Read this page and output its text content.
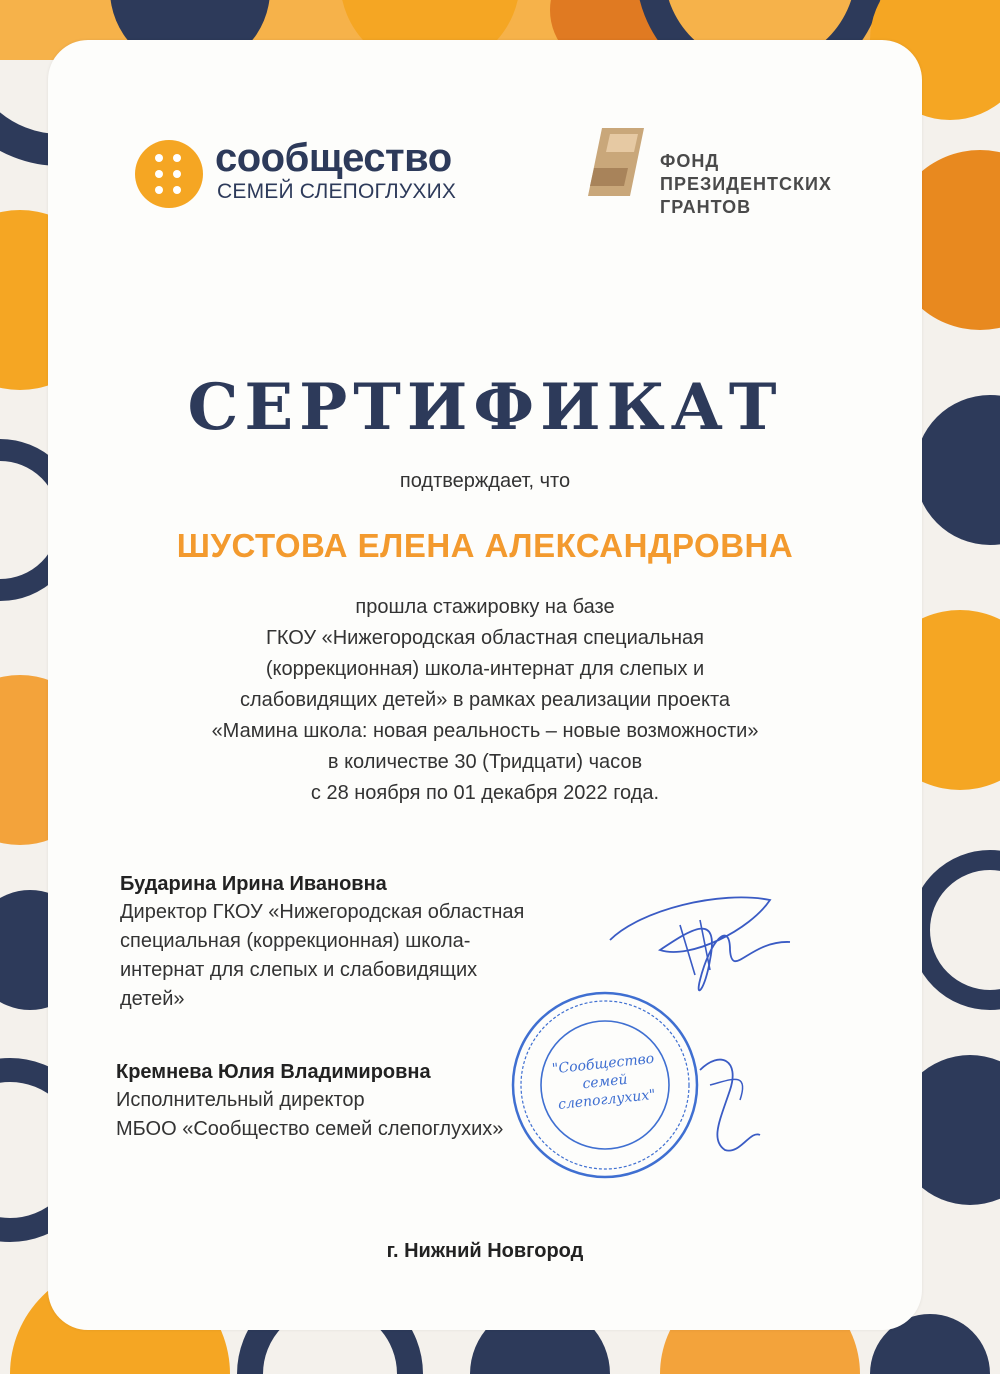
сообщество
СЕМЕЙ СЛЕПОГЛУХИХ
ФОНД
ПРЕЗИДЕНТСКИХ
ГРАНТОВ
СЕРТИФИКАТ
подтверждает, что
ШУСТОВА ЕЛЕНА АЛЕКСАНДРОВНА
прошла стажировку на базе
ГКОУ «Нижегородская областная специальная
(коррекционная) школа-интернат для слепых и
слабовидящих детей» в рамках реализации проекта
«Мамина школа: новая реальность – новые возможности»
в количестве 30 (Тридцати) часов
с 28 ноября по 01 декабря 2022 года.
Бударина Ирина Ивановна
Директор ГКОУ «Нижегородская областная
специальная (коррекционная) школа-
интернат для слепых и слабовидящих
детей»
Кремнева Юлия Владимировна
Исполнительный директор
МБОО «Сообщество семей слепоглухих»
"Сообщество
семей
слепоглухих"
г. Нижний Новгород
